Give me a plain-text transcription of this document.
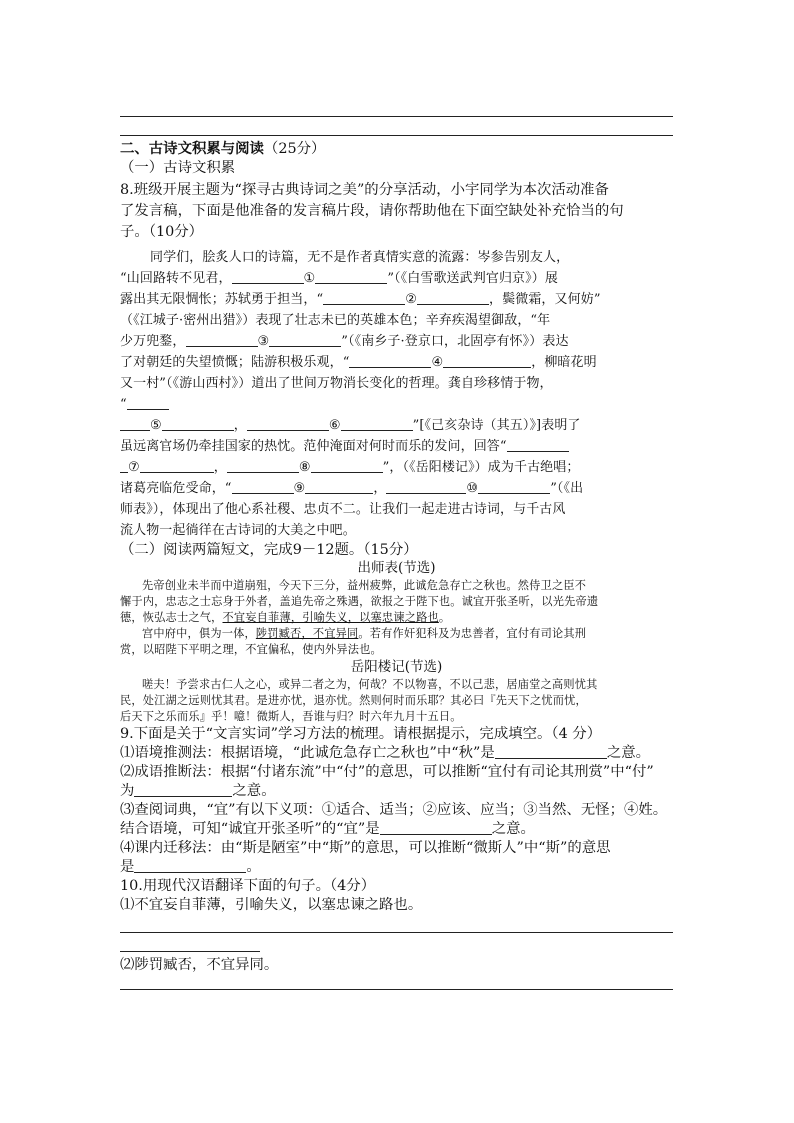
二、古诗文积累与阅读（25分）
（一）古诗文积累
8.班级开展主题为“探寻古典诗词之美”的分享活动，小宇同学为本次活动准备
了发言稿，下面是他准备的发言稿片段，请你帮助他在下面空缺处补充恰当的句
子。（10分）
同学们，脍炙人口的诗篇，无不是作者真情实意的流露：岑参告别友人，
“山回路转不见君，	①	”（《白雪歌送武判官归京》）展
露出其无限惆怅；苏轼勇于担当，“	②	，鬓微霜，又何妨”
（《江城子·密州出猎》）表现了壮志未已的英雄本色；辛弃疾渴望御敌，“年
少万兜鍪，	③	”（《南乡子·登京口，北固亭有怀》）表达
了对朝廷的失望愤慨；陆游积极乐观，“	④	，柳暗花明
又一村”（《游山西村》）道出了世间万物消长变化的哲理。龚自珍移情于物，
“
⑤	，	⑥	”[《己亥杂诗（其五）》]表明了
虽远离官场仍牵挂国家的热忱。范仲淹面对何时而乐的发问，回答“
⑦	，	⑧	”，（《岳阳楼记》）成为千古绝唱；
诸葛亮临危受命，“	⑨	，	⑩	”（《出
师表》），体现出了他心系社稷、忠贞不二。让我们一起走进古诗词，与千古风
流人物一起徜徉在古诗词的大美之中吧。
（二）阅读两篇短文，完成9－12题。（15分）
出师表(节选)
先帝创业未半而中道崩殂，今天下三分，益州疲弊，此诚危急存亡之秋也。然侍卫之臣不
懈于内，忠志之士忘身于外者，盖追先帝之殊遇，欲报之于陛下也。诚宜开张圣听，以光先帝遗
德，恢弘志士之气，不宜妄自菲薄，引喻失义，以塞忠谏之路也。
宫中府中，俱为一体，陟罚臧否，不宜异同。若有作奸犯科及为忠善者，宜付有司论其刑
赏，以昭陛下平明之理，不宜偏私，使内外异法也。
岳阳楼记(节选)
嗟夫！予尝求古仁人之心，或异二者之为，何哉？不以物喜，不以己悲，居庙堂之高则忧其
民，处江湖之远则忧其君。是进亦忧，退亦忧。然则何时而乐耶？其必曰『先天下之忧而忧，
后天下之乐而乐』乎！噫！微斯人，吾谁与归？时六年九月十五日。
9.下面是关于“文言实词”学习方法的梳理。请根据提示，完成填空。（4 分）
⑴语境推测法：根据语境，“此诚危急存亡之秋也”中“秋”是	之意。
⑵成语推断法：根据“付诸东流”中“付”的意思，可以推断“宜付有司论其刑赏”中“付”
为	之意。
⑶查阅词典，“宜”有以下义项：①适合、适当；②应该、应当；③当然、无怪；④姓。
结合语境，可知“诚宜开张圣听”的“宜”是	之意。
⑷课内迁移法：由“斯是陋室”中“斯”的意思，可以推断“微斯人”中“斯”的意思
是	。
10.用现代汉语翻译下面的句子。（4分）
⑴不宜妄自菲薄，引喻失义，以塞忠谏之路也。
⑵陟罚臧否，不宜异同。
